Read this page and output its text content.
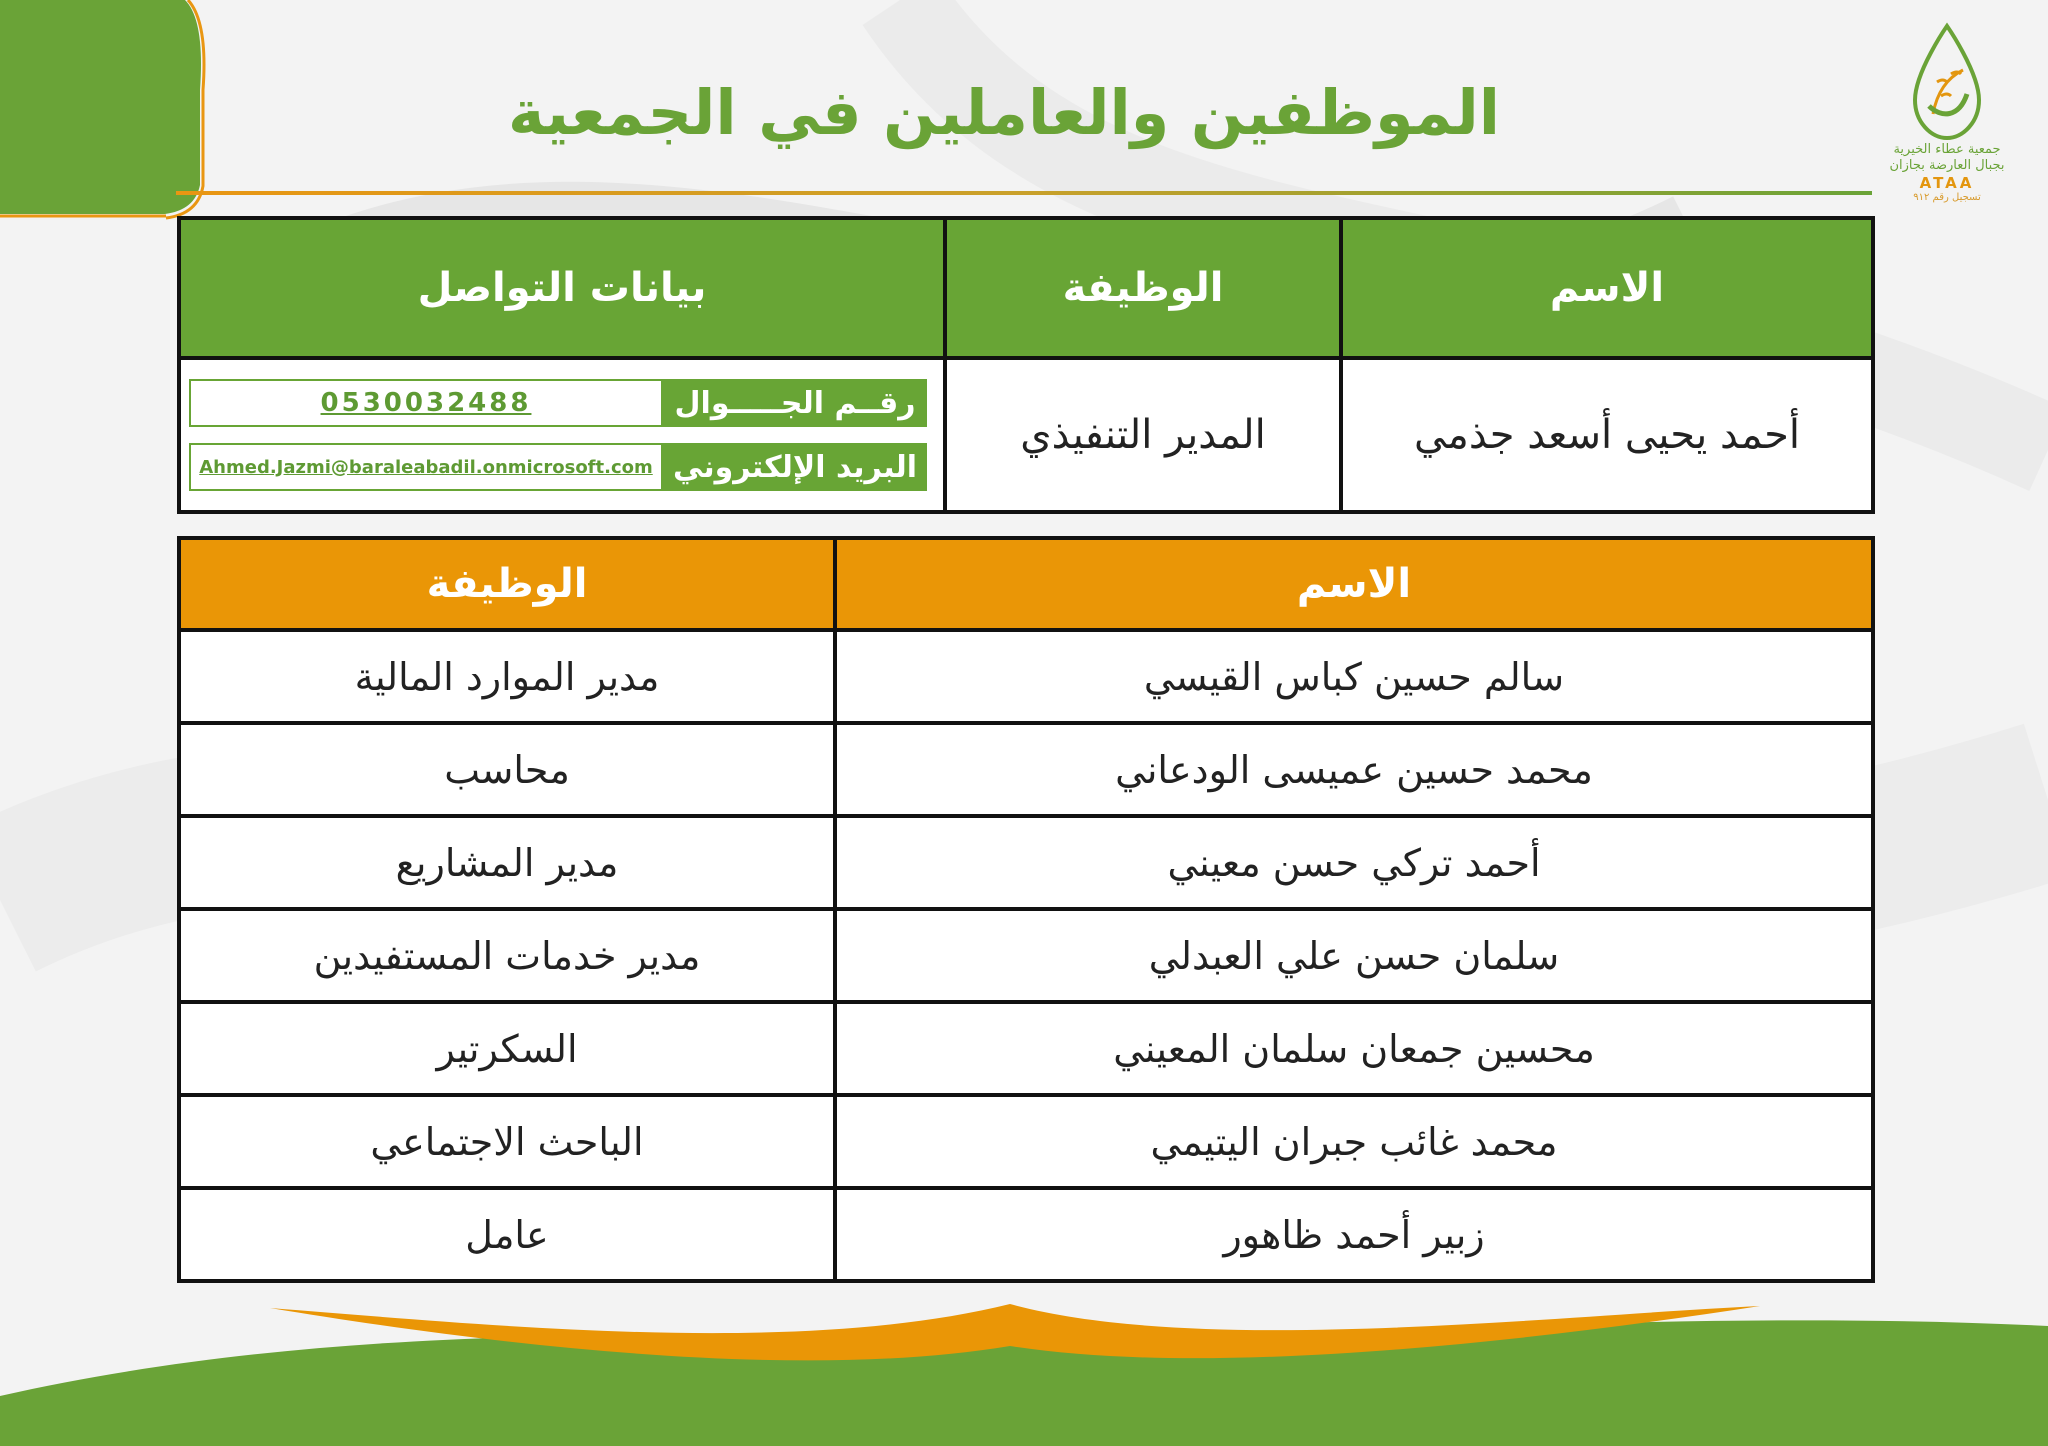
جمعية عطاء الخيرية
بجبال العارضة بجازان
ATAA
تسجيل رقم ٩١٢
الموظفين والعاملين في الجمعية
الاسم	الوظيفة	بيانات التواصل
أحمد يحيى أسعد جذمي	المدير التنفيذي	رقــم الجـــــوال
0530032488
البريد الإلكتروني
Ahmed.Jazmi@baraleabadil.onmicrosoft.com
الاسم	الوظيفة
سالم حسين كباس القيسي	مدير الموارد المالية
محمد حسين عميسى الودعاني	محاسب
أحمد تركي حسن معيني	مدير المشاريع
سلمان حسن علي العبدلي	مدير خدمات المستفيدين
محسين جمعان سلمان المعيني	السكرتير
محمد غائب جبران اليتيمي	الباحث الاجتماعي
زبير أحمد ظاهور	عامل
